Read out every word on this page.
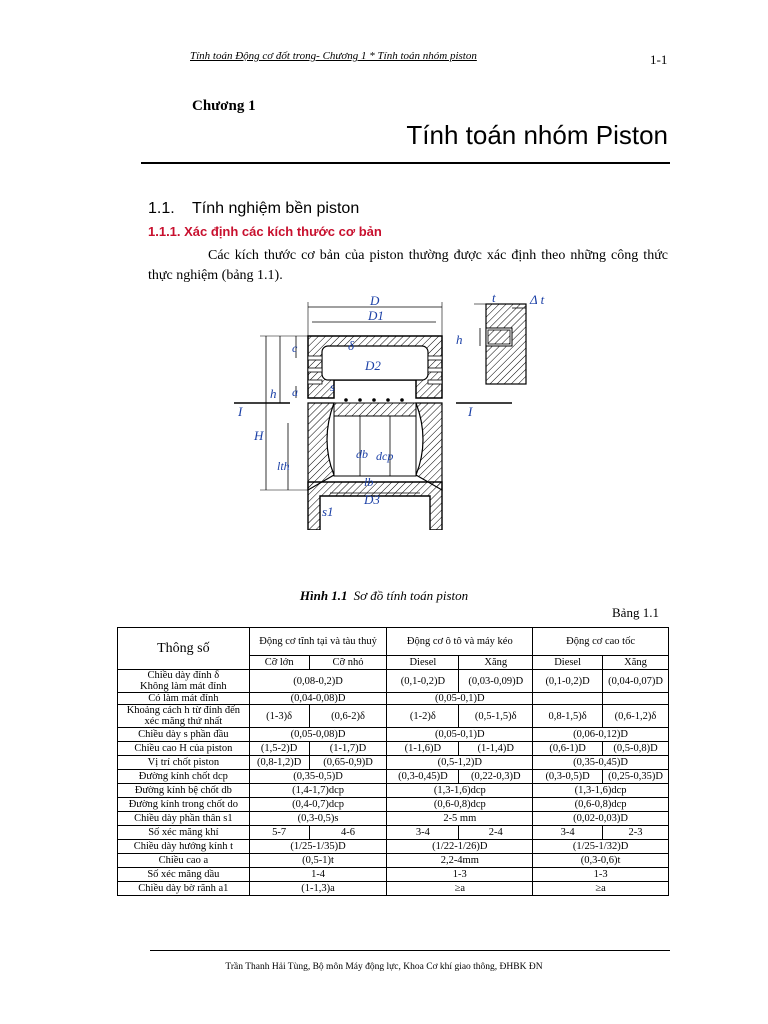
Tính toán Động cơ đốt trong- Chương 1 * Tính toán nhóm piston	1-1
Chương 1
Tính toán nhóm Piston
1.1. Tính nghiệm bền piston
1.1.1. Xác định các kích thước cơ bản
Các kích thước cơ bản của piston thường được xác định theo những công thức thực nghiệm (bảng 1.1).
D
D1
D2
D3
t	Δ t
h
c	δ
s
a
h
H
lth
db dcp
lb
s1
I	I
Hình 1.1 Sơ đồ tính toán piston
Bảng 1.1
Thông số	Động cơ tĩnh tại và tàu thuỷ		Động cơ ô tô và máy kéo		Động cơ cao tốc	
	Cỡ lớn	Cỡ nhỏ	Diesel	Xăng	Diesel	Xăng
Chiều dày đỉnh δ
Không làm mát đỉnh	(0,08-0,2)D		(0,1-0,2)D	(0,03-0,09)D	(0,1-0,2)D	(0,04-0,07)D
Có làm mát đỉnh	(0,04-0,08)D		(0,05-0,1)D			
Khoảng cách h từ đỉnh đến xéc măng thứ nhất	(1-3)δ	(0,6-2)δ	(1-2)δ	(0,5-1,5)δ	0,8-1,5)δ	(0,6-1,2)δ
Chiều dày s phần đầu	(0,05-0,08)D		(0,05-0,1)D		(0,06-0,12)D	
Chiều cao H của piston	(1,5-2)D	(1-1,7)D	(1-1,6)D	(1-1,4)D	(0,6-1)D	(0,5-0,8)D
Vị trí chốt piston	(0,8-1,2)D	(0,65-0,9)D	(0,5-1,2)D		(0,35-0,45)D	
Đường kính chốt dcp	(0,35-0,5)D		(0,3-0,45)D	(0,22-0,3)D	(0,3-0,5)D	(0,25-0,35)D
Đường kính bệ chốt db	(1,4-1,7)dcp		(1,3-1,6)dcp		(1,3-1,6)dcp	
Đường kính trong chốt do	(0,4-0,7)dcp		(0,6-0,8)dcp		(0,6-0,8)dcp	
Chiều dày phần thân s1	(0,3-0,5)s		2-5 mm		(0,02-0,03)D	
Số xéc măng khí	5-7	4-6	3-4	2-4	3-4	2-3
Chiều dày hướng kính t	(1/25-1/35)D		(1/22-1/26)D		(1/25-1/32)D	
Chiều cao a	(0,5-1)t		2,2-4mm		(0,3-0,6)t	
Số xéc măng dầu	1-4		1-3		1-3	
Chiều dày bờ rãnh a1	(1-1,3)a		≥a		≥a	
Trần Thanh Hải Tùng, Bộ môn Máy động lực, Khoa Cơ khí giao thông, ĐHBK ĐN
